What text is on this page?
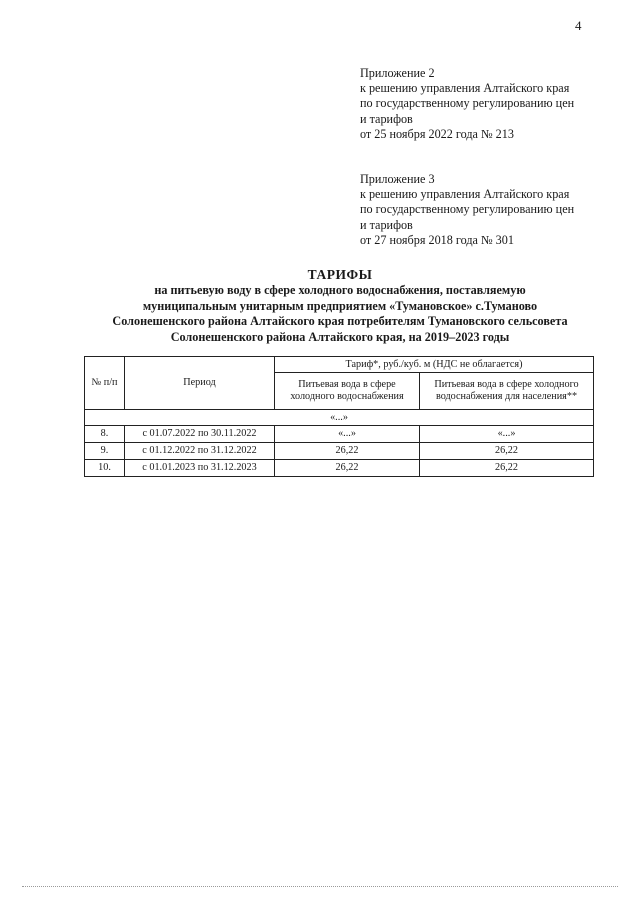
4
Приложение 2
к решению управления Алтайского края
по государственному регулированию цен
и тарифов
от 25 ноября 2022 года № 213
Приложение 3
к решению управления Алтайского края
по государственному регулированию цен
и тарифов
от 27 ноября 2018 года № 301
ТАРИФЫ
на питьевую воду в сфере холодного водоснабжения, поставляемую
муниципальным унитарным предприятием «Тумановское» с.Туманово
Солонешенского района Алтайского края потребителям Тумановского сельсовета
Солонешенского района Алтайского края, на 2019–2023 годы
№ п/п	Период	Тариф*, руб./куб. м (НДС не облагается)	
		Питьевая вода в сфере холодного водоснабжения	Питьевая вода в сфере холодного водоснабжения для населения**
«...»			
8.	с 01.07.2022 по 30.11.2022	«...»	«...»
9.	с 01.12.2022 по 31.12.2022	26,22	26,22
10.	с 01.01.2023 по 31.12.2023	26,22	26,22
